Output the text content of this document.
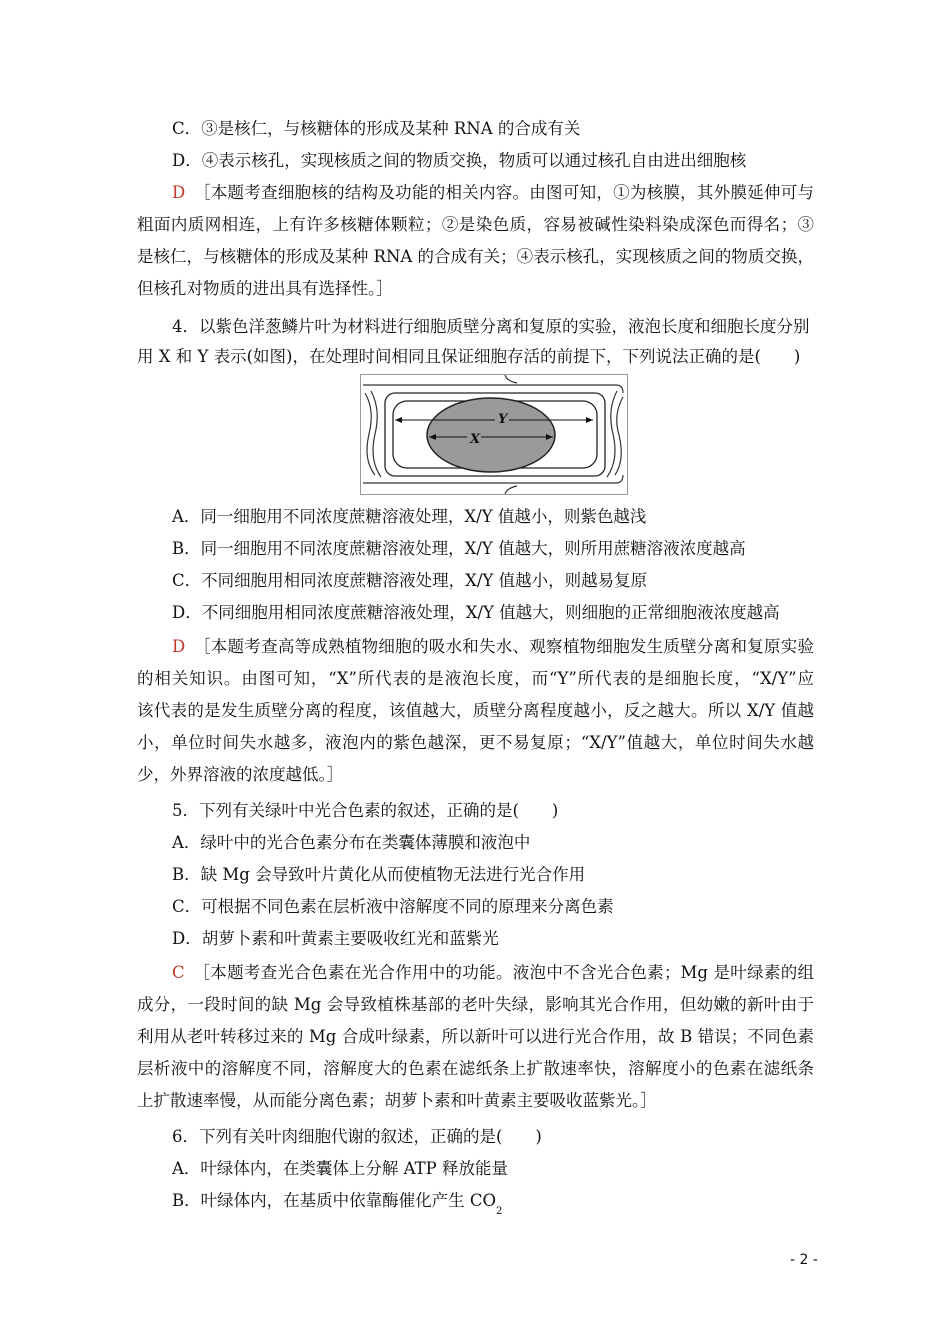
C．③是核仁，与核糖体的形成及某种 RNA 的合成有关
D．④表示核孔，实现核质之间的物质交换，物质可以通过核孔自由进出细胞核
D　 ［本题考查细胞核的结构及功能的相关内容。由图可知，①为核膜，其外膜延伸可与
粗面内质网相连，上有许多核糖体颗粒；②是染色质，容易被碱性染料染成深色而得名；③
是核仁，与核糖体的形成及某种 RNA 的合成有关；④表示核孔，实现核质之间的物质交换，
但核孔对物质的进出具有选择性。］
4．以紫色洋葱鳞片叶为材料进行细胞质壁分离和复原的实验，液泡长度和细胞长度分别
用 X 和 Y 表示(如图)，在处理时间相同且保证细胞存活的前提下，下列说法正确的是(　　)
Y
X
A．同一细胞用不同浓度蔗糖溶液处理，X/Y 值越小，则紫色越浅
B．同一细胞用不同浓度蔗糖溶液处理，X/Y 值越大，则所用蔗糖溶液浓度越高
C．不同细胞用相同浓度蔗糖溶液处理，X/Y 值越小，则越易复原
D．不同细胞用相同浓度蔗糖溶液处理，X/Y 值越大，则细胞的正常细胞液浓度越高
D　 ［本题考查高等成熟植物细胞的吸水和失水、观察植物细胞发生质壁分离和复原实验
的相关知识。由图可知，“X”所代表的是液泡长度，而“Y”所代表的是细胞长度，“X/Y”应
该代表的是发生质壁分离的程度，该值越大，质壁分离程度越小，反之越大。所以 X/Y 值越
小，单位时间失水越多，液泡内的紫色越深，更不易复原；“X/Y”值越大，单位时间失水越
少，外界溶液的浓度越低。］
5．下列有关绿叶中光合色素的叙述，正确的是(　　)
A．绿叶中的光合色素分布在类囊体薄膜和液泡中
B．缺 Mg 会导致叶片黄化从而使植物无法进行光合作用
C．可根据不同色素在层析液中溶解度不同的原理来分离色素
D．胡萝卜素和叶黄素主要吸收红光和蓝紫光
C　 ［本题考查光合色素在光合作用中的功能。液泡中不含光合色素；Mg 是叶绿素的组
成分，一段时间的缺 Mg 会导致植株基部的老叶失绿，影响其光合作用，但幼嫩的新叶由于
利用从老叶转移过来的 Mg 合成叶绿素，所以新叶可以进行光合作用，故 B 错误；不同色素
层析液中的溶解度不同，溶解度大的色素在滤纸条上扩散速率快，溶解度小的色素在滤纸条
上扩散速率慢，从而能分离色素；胡萝卜素和叶黄素主要吸收蓝紫光。］
6．下列有关叶肉细胞代谢的叙述，正确的是(　　)
A．叶绿体内，在类囊体上分解 ATP 释放能量
B．叶绿体内，在基质中依靠酶催化产生 $CO_2$
- 2 -
